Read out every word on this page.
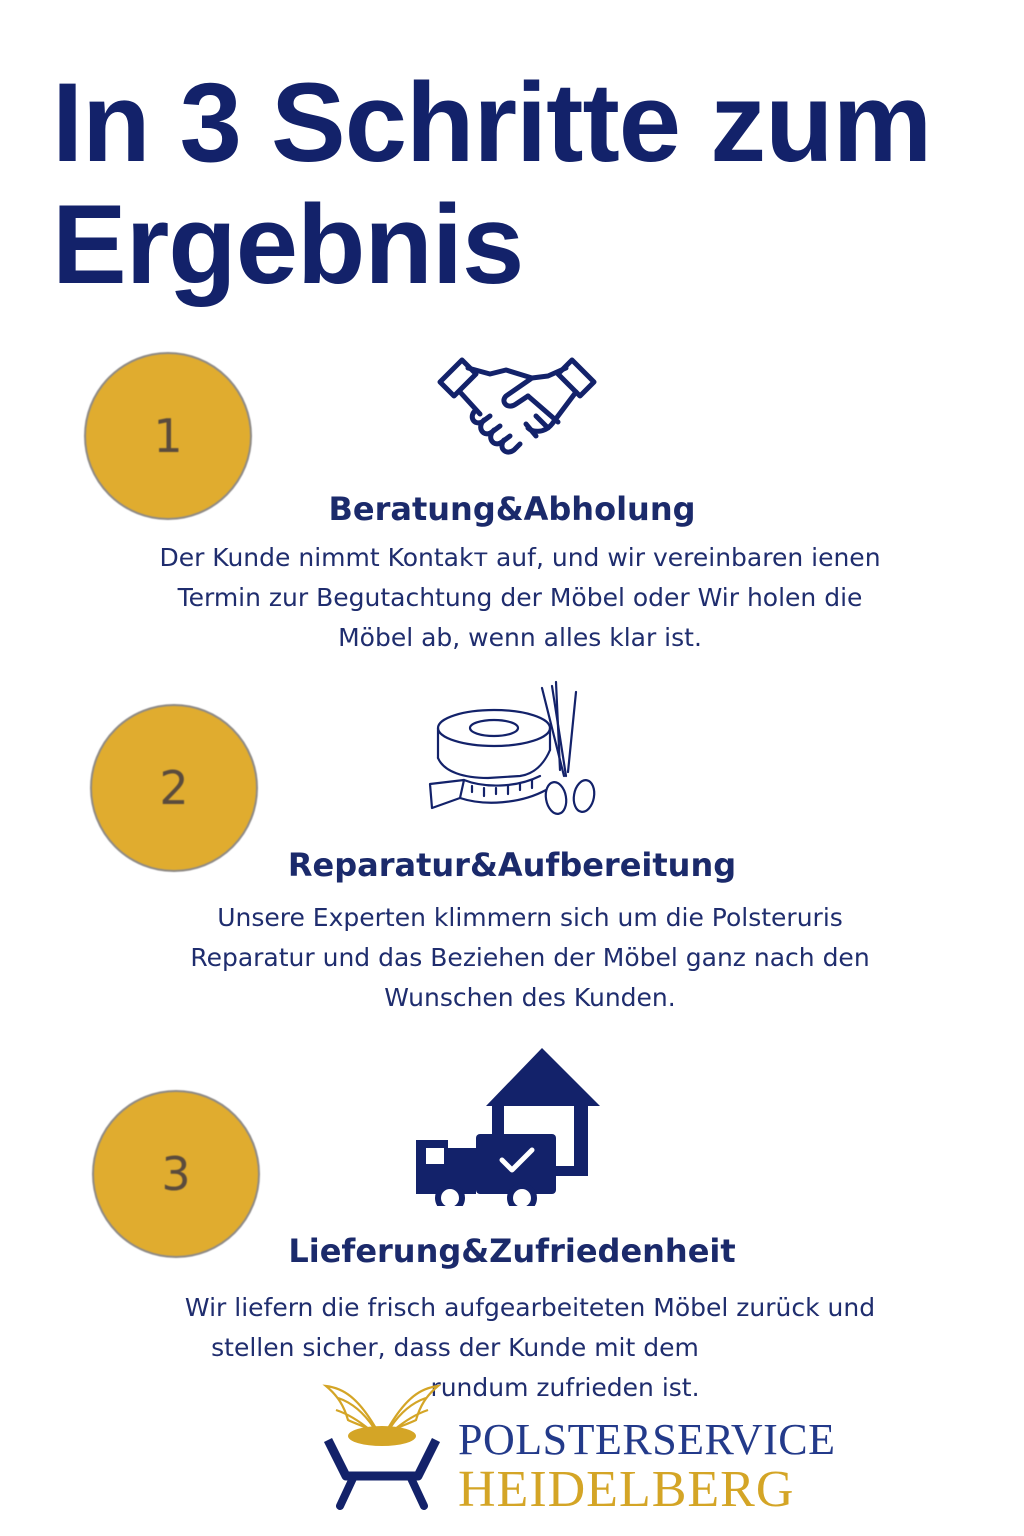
In 3 Schritte zum Ergebnis
1
Beratung&Abholung
Der Kunde nimmt Kontakт auf, und wir vereinbaren ienen
Termin zur Begutachtung der Möbel oder Wir holen die
Möbel ab, wenn alles klar ist.
2
Reparatur&Aufbereitung
Unsere Experten klimmern sich um die Polsteruris
Reparatur und das Beziehen der Möbel ganz nach den
Wunschen des Kunden.
3
Lieferung&Zufriedenheit
Wir liefern die frisch aufgearbeiteten Möbel zurück und
stellen sicher, dass der Kunde mit dem
rundum zufrieden ist.
POLSTERSERVICE
HEIDELBERG
